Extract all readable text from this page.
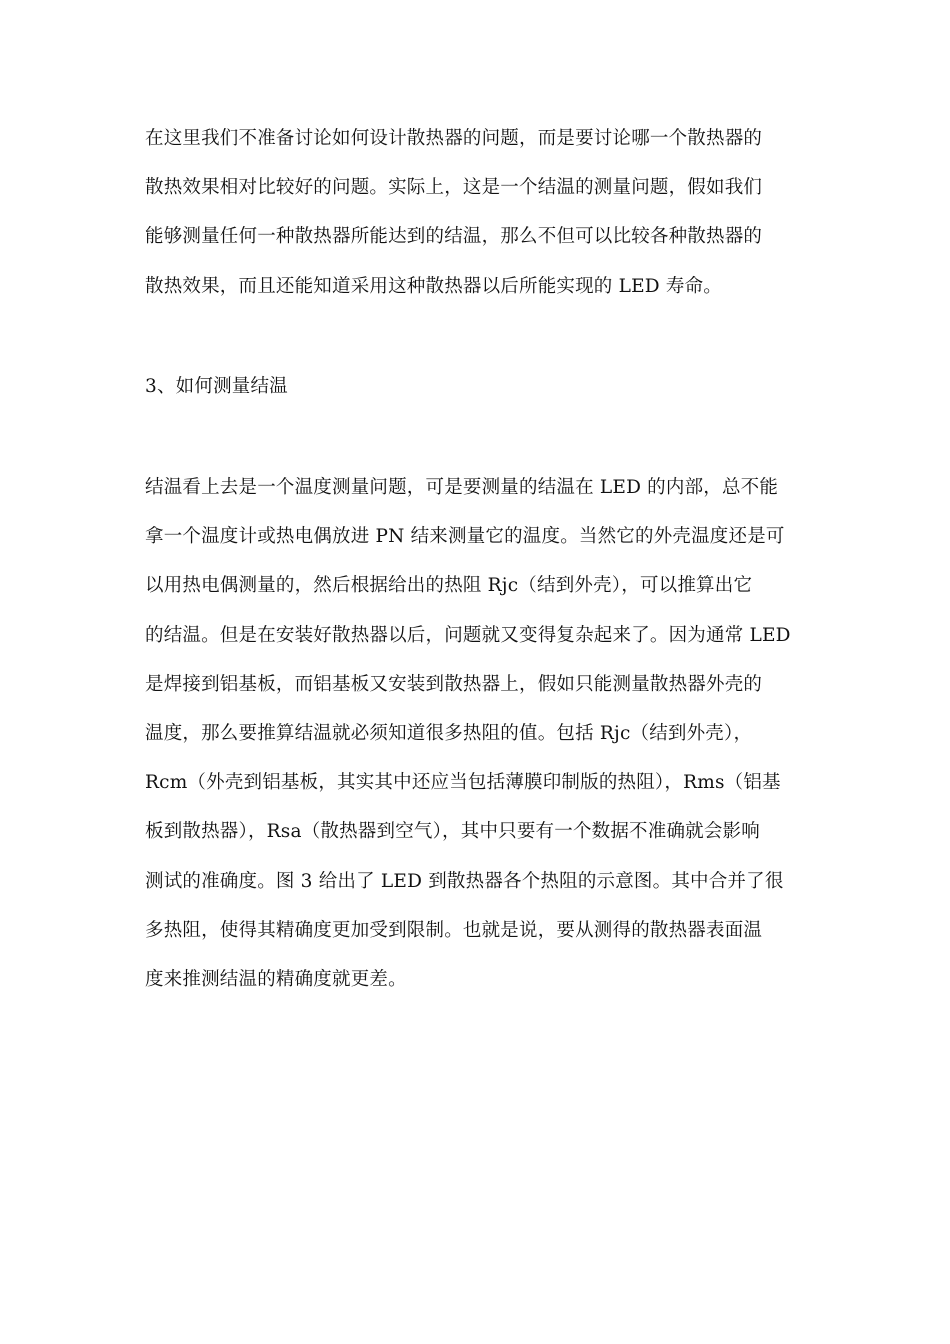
在这里我们不准备讨论如何设计散热器的问题，而是要讨论哪一个散热器的
散热效果相对比较好的问题。实际上，这是一个结温的测量问题，假如我们
能够测量任何一种散热器所能达到的结温，那么不但可以比较各种散热器的
散热效果，而且还能知道采用这种散热器以后所能实现的 LED 寿命。
3、如何测量结温
结温看上去是一个温度测量问题，可是要测量的结温在 LED 的内部，总不能
拿一个温度计或热电偶放进 PN 结来测量它的温度。当然它的外壳温度还是可
以用热电偶测量的，然后根据给出的热阻 Rjc（结到外壳），可以推算出它
的结温。但是在安装好散热器以后，问题就又变得复杂起来了。因为通常 LED
是焊接到铝基板，而铝基板又安装到散热器上，假如只能测量散热器外壳的
温度，那么要推算结温就必须知道很多热阻的值。包括 Rjc（结到外壳），
Rcm（外壳到铝基板，其实其中还应当包括薄膜印制版的热阻），Rms（铝基
板到散热器），Rsa（散热器到空气），其中只要有一个数据不准确就会影响
测试的准确度。图 3 给出了 LED 到散热器各个热阻的示意图。其中合并了很
多热阻，使得其精确度更加受到限制。也就是说，要从测得的散热器表面温
度来推测结温的精确度就更差。
